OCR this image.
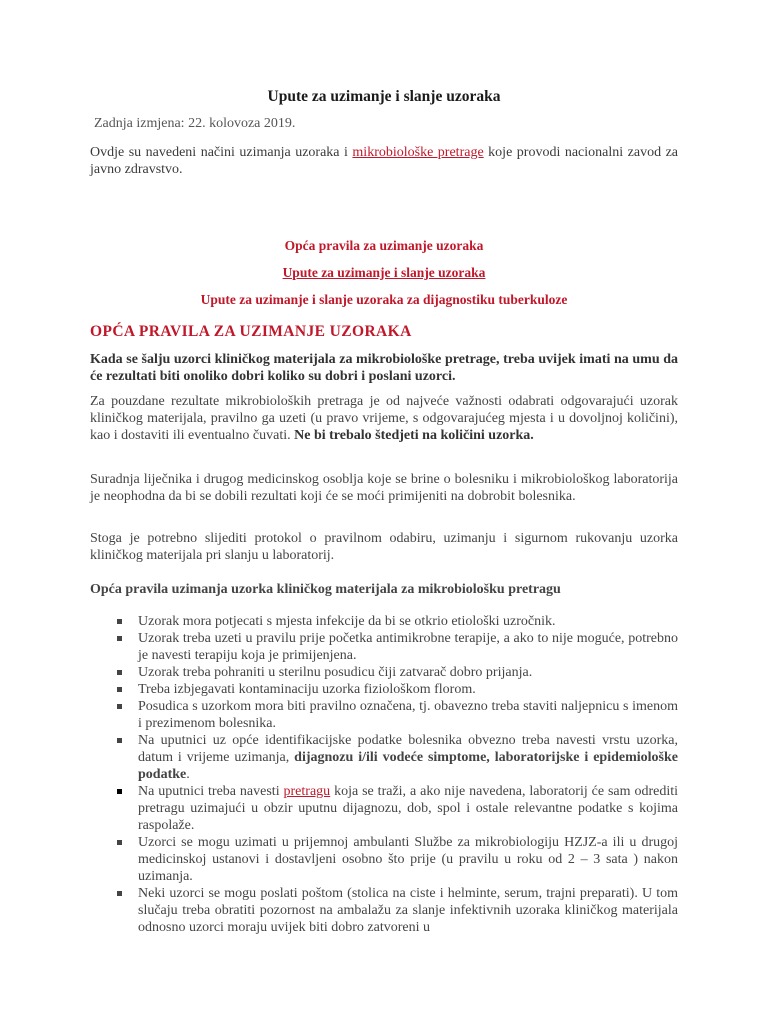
Upute za uzimanje i slanje uzoraka
Zadnja izmjena: 22. kolovoza 2019.
Ovdje su navedeni načini uzimanja uzoraka i mikrobiološke pretrage koje provodi nacionalni zavod za javno zdravstvo.
Opća pravila za uzimanje uzoraka
Upute za uzimanje i slanje uzoraka
Upute za uzimanje i slanje uzoraka za dijagnostiku tuberkuloze
OPĆA PRAVILA ZA UZIMANJE UZORAKA
Kada se šalju uzorci kliničkog materijala za mikrobiološke pretrage, treba uvijek imati na umu da će rezultati biti onoliko dobri koliko su dobri i poslani uzorci.
Za pouzdane rezultate mikrobioloških pretraga je od najveće važnosti odabrati odgovarajući uzorak kliničkog materijala, pravilno ga uzeti (u pravo vrijeme, s odgovarajućeg mjesta i u dovoljnoj količini), kao i dostaviti ili eventualno čuvati. Ne bi trebalo štedjeti na količini uzorka.
Suradnja liječnika i drugog medicinskog osoblja koje se brine o bolesniku i mikrobiološkog laboratorija je neophodna da bi se dobili rezultati koji će se moći primijeniti na dobrobit bolesnika.
Stoga je potrebno slijediti protokol o pravilnom odabiru, uzimanju i sigurnom rukovanju uzorka kliničkog materijala pri slanju u laboratorij.
Opća pravila uzimanja uzorka kliničkog materijala za mikrobiološku pretragu
Uzorak mora potjecati s mjesta infekcije da bi se otkrio etiološki uzročnik.
Uzorak treba uzeti u pravilu prije početka antimikrobne terapije, a ako to nije moguće, potrebno je navesti terapiju koja je primijenjena.
Uzorak treba pohraniti u sterilnu posudicu čiji zatvarač dobro prijanja.
Treba izbjegavati kontaminaciju uzorka fiziološkom florom.
Posudica s uzorkom mora biti pravilno označena, tj. obavezno treba staviti naljepnicu s imenom i prezimenom bolesnika.
Na uputnici uz opće identifikacijske podatke bolesnika obvezno treba navesti vrstu uzorka, datum i vrijeme uzimanja, dijagnozu i/ili vodeće simptome, laboratorijske i epidemiološke podatke.
Na uputnici treba navesti pretragu koja se traži, a ako nije navedena, laboratorij će sam odrediti pretragu uzimajući u obzir uputnu dijagnozu, dob, spol i ostale relevantne podatke s kojima raspolaže.
Uzorci se mogu uzimati u prijemnoj ambulanti Službe za mikrobiologiju HZJZ-a ili u drugoj medicinskoj ustanovi i dostavljeni osobno što prije (u pravilu u roku od 2 – 3 sata ) nakon uzimanja.
Neki uzorci se mogu poslati poštom (stolica na ciste i helminte, serum, trajni preparati). U tom slučaju treba obratiti pozornost na ambalažu za slanje infektivnih uzoraka kliničkog materijala odnosno uzorci moraju uvijek biti dobro zatvoreni u
